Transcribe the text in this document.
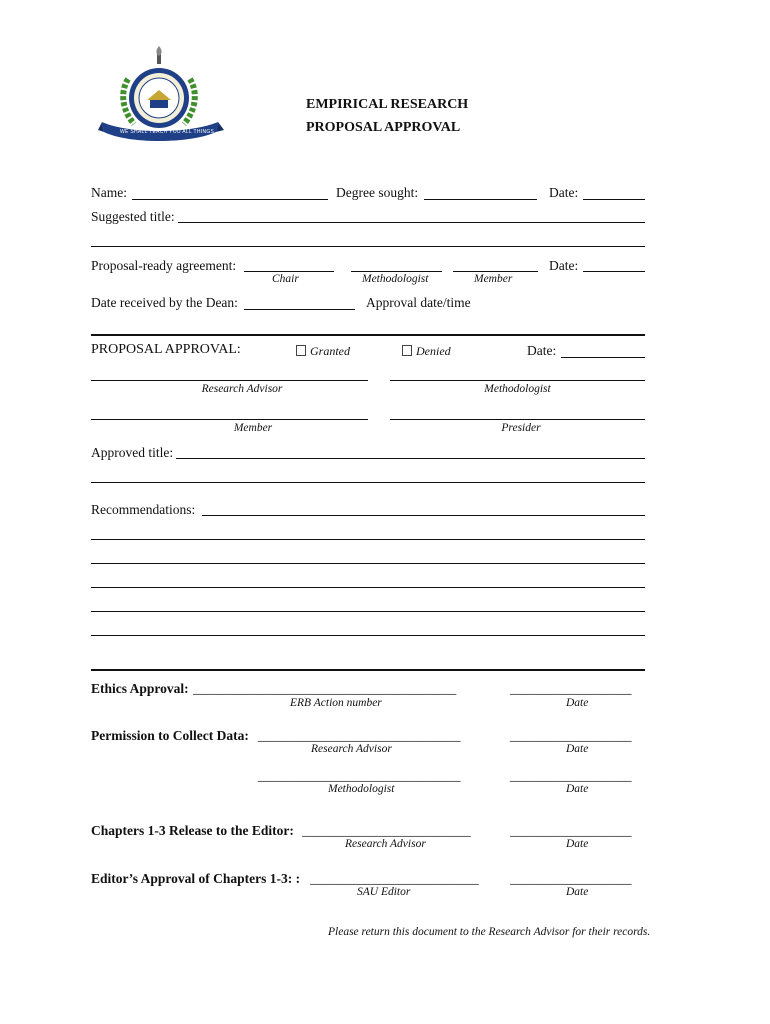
WE SHALL TEACH YOU ALL THINGS
EMPIRICAL RESEARCH
PROPOSAL APPROVAL
Name:	Degree sought:	Date:
Suggested title:
Proposal-ready agreement:	Date:
Chair	Methodologist	Member
Date received by the Dean:	Approval date/time
PROPOSAL APPROVAL:	Granted	Denied	Date:
Research Advisor	Methodologist
Member	Presider
Approved title:
Recommendations:
Ethics Approval: _______________________________________	__________________
ERB Action number	Date
Permission to Collect Data: ______________________________	__________________
Research Advisor	Date
______________________________	__________________
Methodologist	Date
Chapters 1-3 Release to the Editor: _________________________	__________________
Research Advisor	Date
Editor’s Approval of Chapters 1-3: : _________________________ __________________
SAU Editor	Date
Please return this document to the Research Advisor for their records.
